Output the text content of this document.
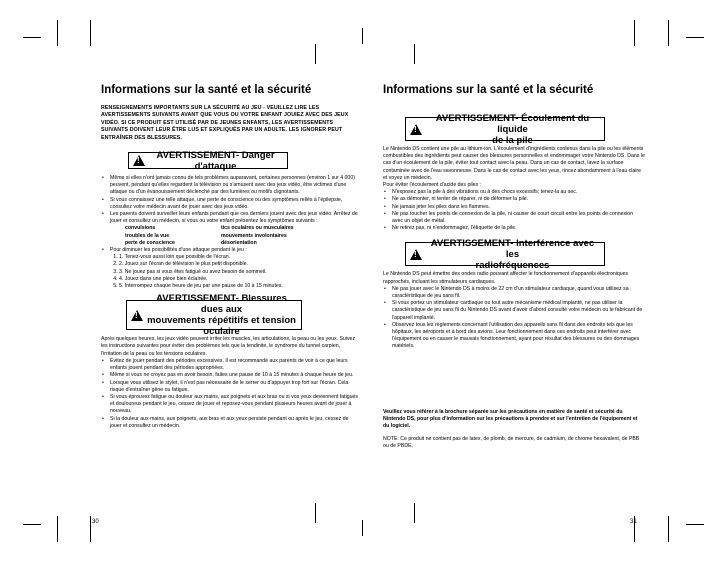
Informations sur la santé et la sécurité

RENSEIGNEMENTS IMPORTANTS SUR LA SÉCURITÉ AU JEU - VEUILLEZ LIRE LES AVERTISSEMENTS SUIVANTS AVANT QUE VOUS OU VOTRE ENFANT JOUIEZ AVEC DES JEUX VIDÉO. SI CE PRODUIT EST UTILISÉ PAR DE JEUNES ENFANTS, LES AVERTISSEMENTS SUIVANTS DOIVENT LEUR ÊTRE LUS ET EXPLIQUÉS PAR UN ADULTE. LES IGNORER PEUT ENTRAÎNER DES BLESSURES.

!
AVERTISSEMENT- Danger d'attaque
• Même si elles n'ont jamais connu de tels problèmes auparavant, certaines personnes (environ 1 sur 4 000) peuvent, pendant qu'elles regardent la télévision ou s'amusent avec des jeux vidéo, être victimes d'une attaque ou d'un évanouissement déclenché par des lumières ou motifs clignotants.
• Si vous connaissez une telle attaque, une perte de conscience ou des symptômes reliés à l'épilepsie, consultez votre médecin avant de jouer avec des jeux vidéo.
• Les parents doivent surveiller leurs enfants pendant que ces derniers jouent avec des jeux vidéo. Arrêtez de jouer et consultez un médecin, si vous ou votre enfant présentez les symptômes suivants :
convulsions	tics oculaires ou musculaires
troubles de la vue	mouvements involontaires
perte de conscience	désorientation
• Pour diminuer les possibilités d'une attaque pendant le jeu :
1. 1. Tenez-vous aussi loin que possible de l'écran.
2. 2. Jouez sur l'écran de télévision le plus petit disponible.
3. 3. Ne jouez pas si vous êtes fatigué ou avez besoin de sommeil.
4. 4. Jouez dans une pièce bien éclairée.
5. 5. Interrompez chaque heure de jeu par une pause de 10 à 15 minutes.
!
AVERTISSEMENT- Blessures dues aux
mouvements répétitifs et tension oculaire

Après quelques heures, les jeux vidéo peuvent irriter les muscles, les articulations, la peau ou les yeux. Suivez les instructions suivantes pour éviter des problèmes tels que la tendinite, le syndrome du tunnel carpien, l'irritation de la peau ou les tensions oculaires.

• Évitez de jouer pendant des périodes excessives. Il est recommandé aux parents de voir à ce que leurs enfants jouent pendant des périodes appropriées.
• Même si vous ne croyez pas en avoir besoin, faites une pause de 10 à 15 minutes à chaque heure de jeu.
• Lorsque vous utilisez le stylet, il n'est pas nécessaire de le serrer ou d'appuyer trop fort sur l'écran. Cela risque d'entraîner gêne ou fatigue.
• Si vous éprouvez fatigue ou douleur aux mains, aux poignets et aux bras ou si vos yeux deviennent fatigués et douloureux pendant le jeu, cessez de jouer et reposez-vous pendant plusieurs heures avant de jouer à nouveau.
• Si la douleur aux mains, aux poignets, aux bras et aux yeux persiste pendant ou après le jeu, cessez de jouer et consultez un médecin.
30
Informations sur la santé et la sécurité
!
AVERTISSEMENT- Écoulement du liquide
de la pile

Le Nintendo DS contient une pile au lithium-ion. L'écoulement d'ingrédients contenus dans la pile ou les éléments combustibles des ingrédients peut causer des blessures personnelles et endommager votre Nintendo DS. Dans le cas d'un écoulement de la pile, éviter tout contact avec la peau. Dans un cas de contact, lavez la surface contaminée avec de l'eau savonneuse. Dans le cas de contact avec les yeux, rincez abondamment à l'eau claire et voyez un médecin.

Pour éviter l'écoulement d'acide des piles :

• N'exposez pas la pile à des vibrations ou à des chocs excessifs; tenez-la au sec.
• Ne as démonter, ni tenter de réparer, ni de déformer la pile.
• Ne jamais jeter les piles dans les flammes.
• Ne pas toucher les points de connexion de la pile, ni causer de court circuit entre les points de connexion avec un objet de métal.
• Ne retirez pas, ni n'endommagez, l'étiquette de la pile.
!
AVERTISSEMENT- Interférence avec les
radiofréquences

Le Nintendo DS peut émettre des ondes radio pouvant affecter le fonctionnement d'appareils électroniques rapprochés, incluant les stimulateurs cardiaques.

• Ne pas jouer avec le Nintendo DS à moins de 22 cm d'un stimulateur cardiaque, quand vous utilisez sa caractéristique de jeu sans fil.
• Si vous portez un stimulateur cardiaque ou tout autre mécanisme médical implanté, ne pas utiliser la caractéristique de jeu sans fil du Nintendo DS avant d'avoir d'abord consulté votre médecin ou le fabricant de l'appareil implanté.
• Observez tous les règlements concernant l'utilisation des appareils sans fil dans des endroits tels que les hôpitaux, les aéroports et à bord des avions. Leur fonctionnement dans ces endroits peut interférer avec l'équipement ou en causer le mauvais fonctionnement, ayant pour résultat des blessures ou des dommages matériels.

Veuillez vous référer à la brochure séparée sur les précautions en matière de santé et sécurité du Nintendo DS, pour plus d'information sur les précautions à prendre et sur l'entretien de l'équipement et du logiciel.

NOTE: Ce produit ne contient pas de latex, de plomb, de mercure, de cadmium, de chrome hexavalent, de PBB ou de PBDE.

31
